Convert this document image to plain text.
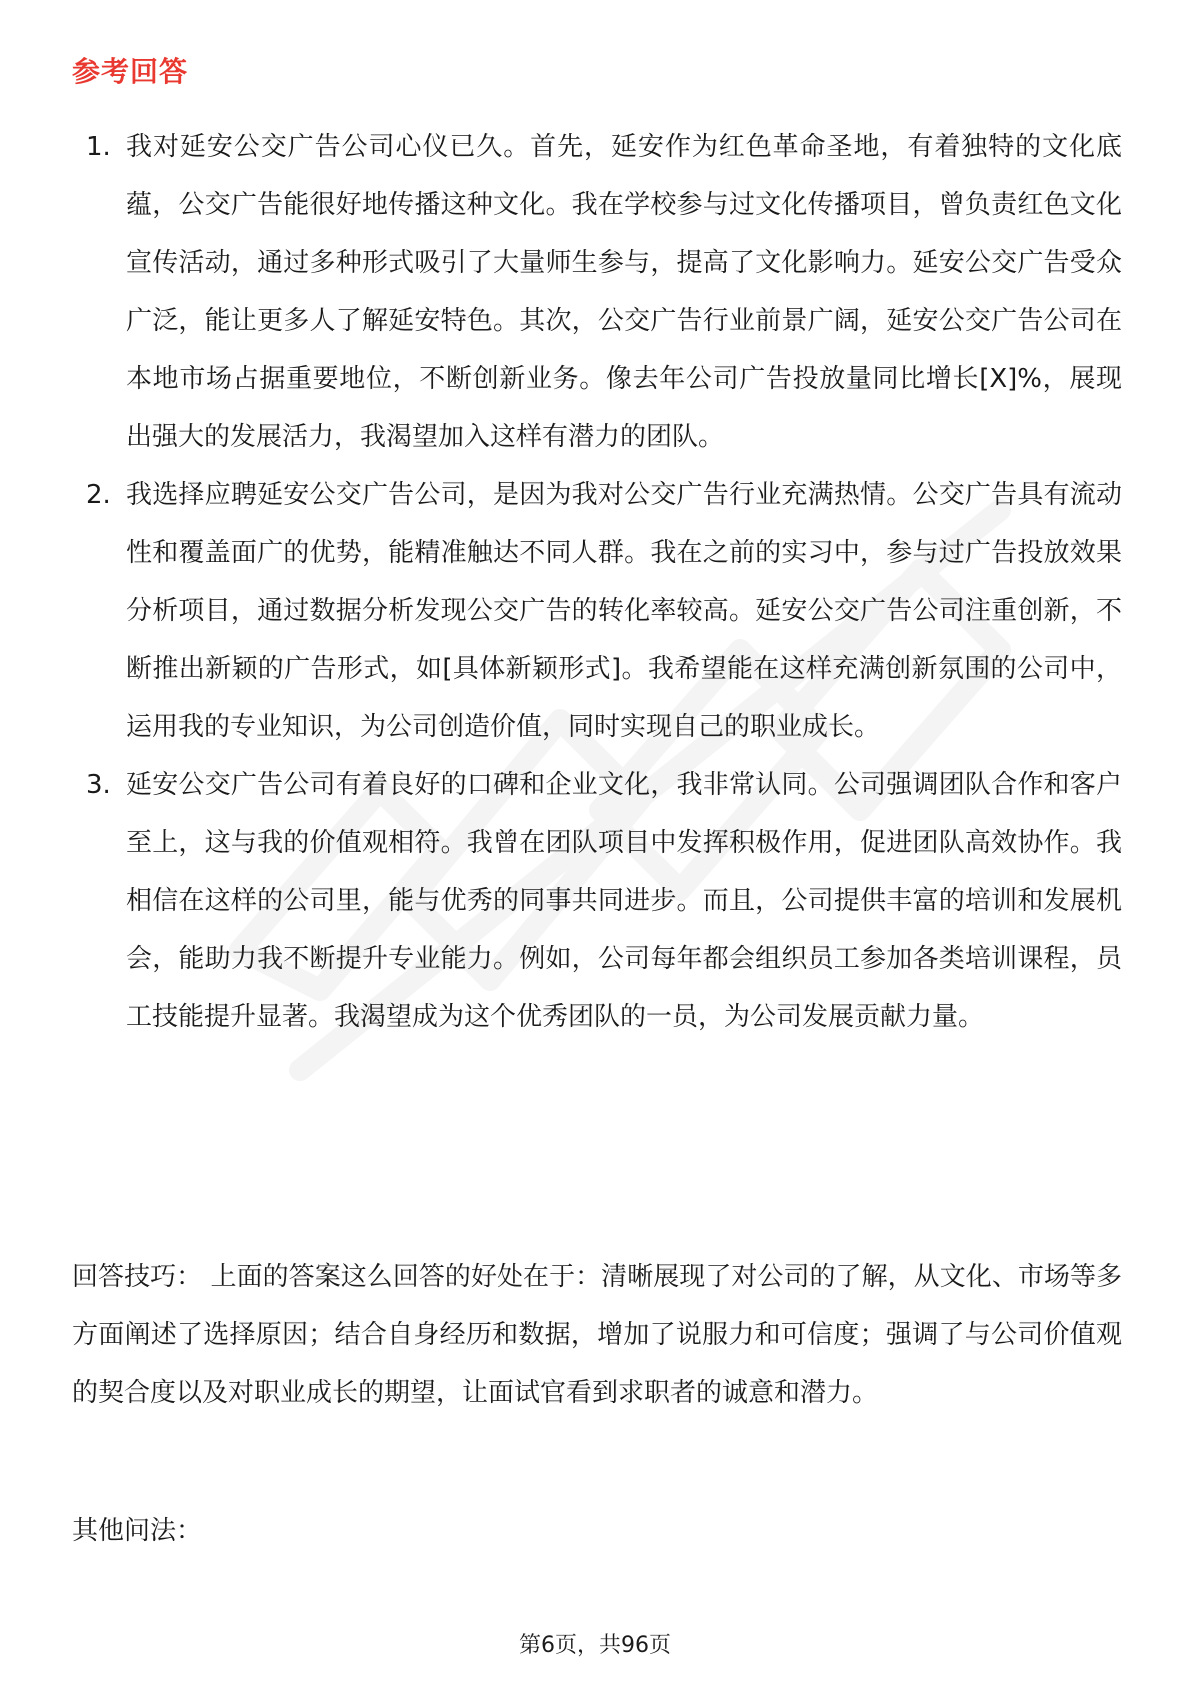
参考回答
1. 我对延安公交广告公司心仪已久。首先，延安作为红色革命圣地，有着独特的文化底蕴，公交广告能很好地传播这种文化。我在学校参与过文化传播项目，曾负责红色文化宣传活动，通过多种形式吸引了大量师生参与，提高了文化影响力。延安公交广告受众广泛，能让更多人了解延安特色。其次，公交广告行业前景广阔，延安公交广告公司在本地市场占据重要地位，不断创新业务。像去年公司广告投放量同比增长[X]%，展现出强大的发展活力，我渴望加入这样有潜力的团队。

2. 我选择应聘延安公交广告公司，是因为我对公交广告行业充满热情。公交广告具有流动性和覆盖面广的优势，能精准触达不同人群。我在之前的实习中，参与过广告投放效果分析项目，通过数据分析发现公交广告的转化率较高。延安公交广告公司注重创新，不断推出新颖的广告形式，如[具体新颖形式]。我希望能在这样充满创新氛围的公司中，运用我的专业知识，为公司创造价值，同时实现自己的职业成长。

3. 延安公交广告公司有着良好的口碑和企业文化，我非常认同。公司强调团队合作和客户至上，这与我的价值观相符。我曾在团队项目中发挥积极作用，促进团队高效协作。我相信在这样的公司里，能与优秀的同事共同进步。而且，公司提供丰富的培训和发展机会，能助力我不断提升专业能力。例如，公司每年都会组织员工参加各类培训课程，员工技能提升显著。我渴望成为这个优秀团队的一员，为公司发展贡献力量。

回答技巧： 上面的答案这么回答的好处在于：清晰展现了对公司的了解，从文化、市场等多方面阐述了选择原因；结合自身经历和数据，增加了说服力和可信度；强调了与公司价值观的契合度以及对职业成长的期望，让面试官看到求职者的诚意和潜力。

其他问法：

第6页，共96页
